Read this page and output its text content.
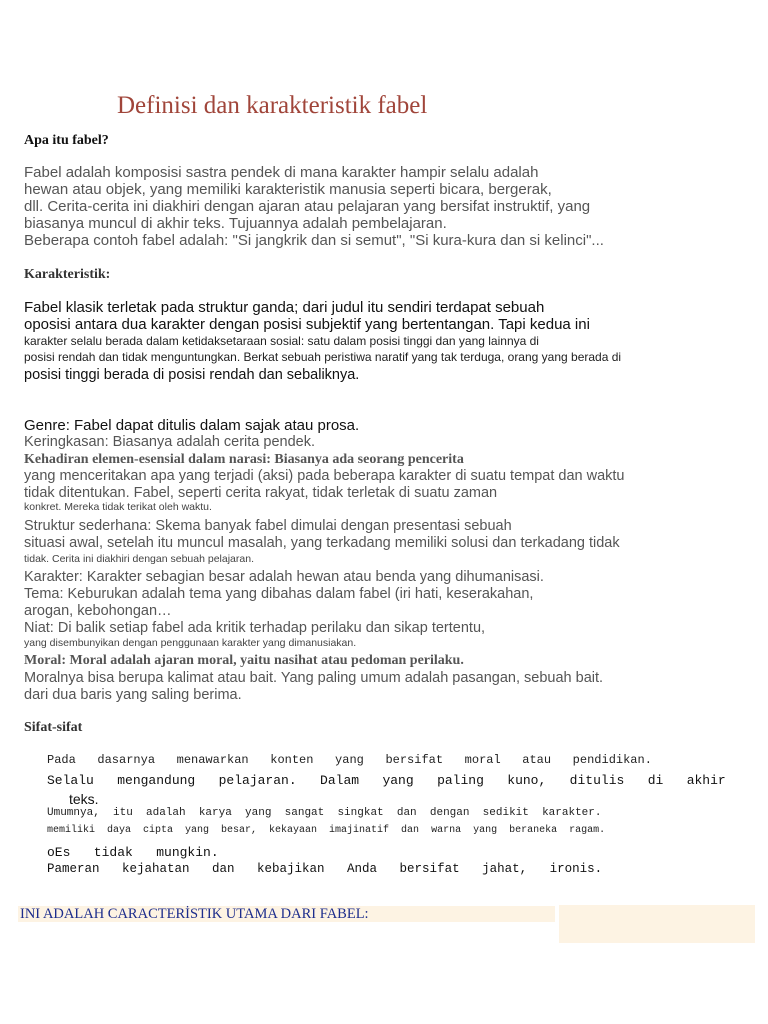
Definisi dan karakteristik fabel
Apa itu fabel?
Fabel adalah komposisi sastra pendek di mana karakter hampir selalu adalah
hewan atau objek, yang memiliki karakteristik manusia seperti bicara, bergerak,
dll. Cerita-cerita ini diakhiri dengan ajaran atau pelajaran yang bersifat instruktif, yang
biasanya muncul di akhir teks. Tujuannya adalah pembelajaran.
Beberapa contoh fabel adalah: "Si jangkrik dan si semut", "Si kura-kura dan si kelinci"...
Karakteristik:
Fabel klasik terletak pada struktur ganda; dari judul itu sendiri terdapat sebuah
oposisi antara dua karakter dengan posisi subjektif yang bertentangan. Tapi kedua ini
karakter selalu berada dalam ketidaksetaraan sosial: satu dalam posisi tinggi dan yang lainnya di
posisi rendah dan tidak menguntungkan. Berkat sebuah peristiwa naratif yang tak terduga, orang yang berada di
posisi tinggi berada di posisi rendah dan sebaliknya.
Genre: Fabel dapat ditulis dalam sajak atau prosa.
Keringkasan: Biasanya adalah cerita pendek.
Kehadiran elemen-esensial dalam narasi: Biasanya ada seorang pencerita
yang menceritakan apa yang terjadi (aksi) pada beberapa karakter di suatu tempat dan waktu
tidak ditentukan. Fabel, seperti cerita rakyat, tidak terletak di suatu zaman
konkret. Mereka tidak terikat oleh waktu.
Struktur sederhana: Skema banyak fabel dimulai dengan presentasi sebuah
situasi awal, setelah itu muncul masalah, yang terkadang memiliki solusi dan terkadang tidak
tidak. Cerita ini diakhiri dengan sebuah pelajaran.
Karakter: Karakter sebagian besar adalah hewan atau benda yang dihumanisasi.
Tema: Keburukan adalah tema yang dibahas dalam fabel (iri hati, keserakahan,
arogan, kebohongan…
Niat: Di balik setiap fabel ada kritik terhadap perilaku dan sikap tertentu,
yang disembunyikan dengan penggunaan karakter yang dimanusiakan.
Moral: Moral adalah ajaran moral, yaitu nasihat atau pedoman perilaku.
Moralnya bisa berupa kalimat atau bait. Yang paling umum adalah pasangan, sebuah bait.
dari dua baris yang saling berima.
Sifat-sifat
Pada   dasarnya   menawarkan   konten   yang   bersifat   moral   atau   pendidikan.
Selalu   mengandung   pelajaran.   Dalam   yang   paling   kuno,   ditulis   di   akhir
teks.
Umumnya,  itu  adalah  karya  yang  sangat  singkat  dan  dengan  sedikit  karakter.
memiliki  daya  cipta  yang  besar,  kekayaan  imajinatif  dan  warna  yang  beraneka  ragam.
oEs   tidak   mungkin.
Pameran   kejahatan   dan   kebajikan   Anda   bersifat   jahat,   ironis.
INI ADALAH CARACTERİSTIK UTAMA DARI FABEL:
